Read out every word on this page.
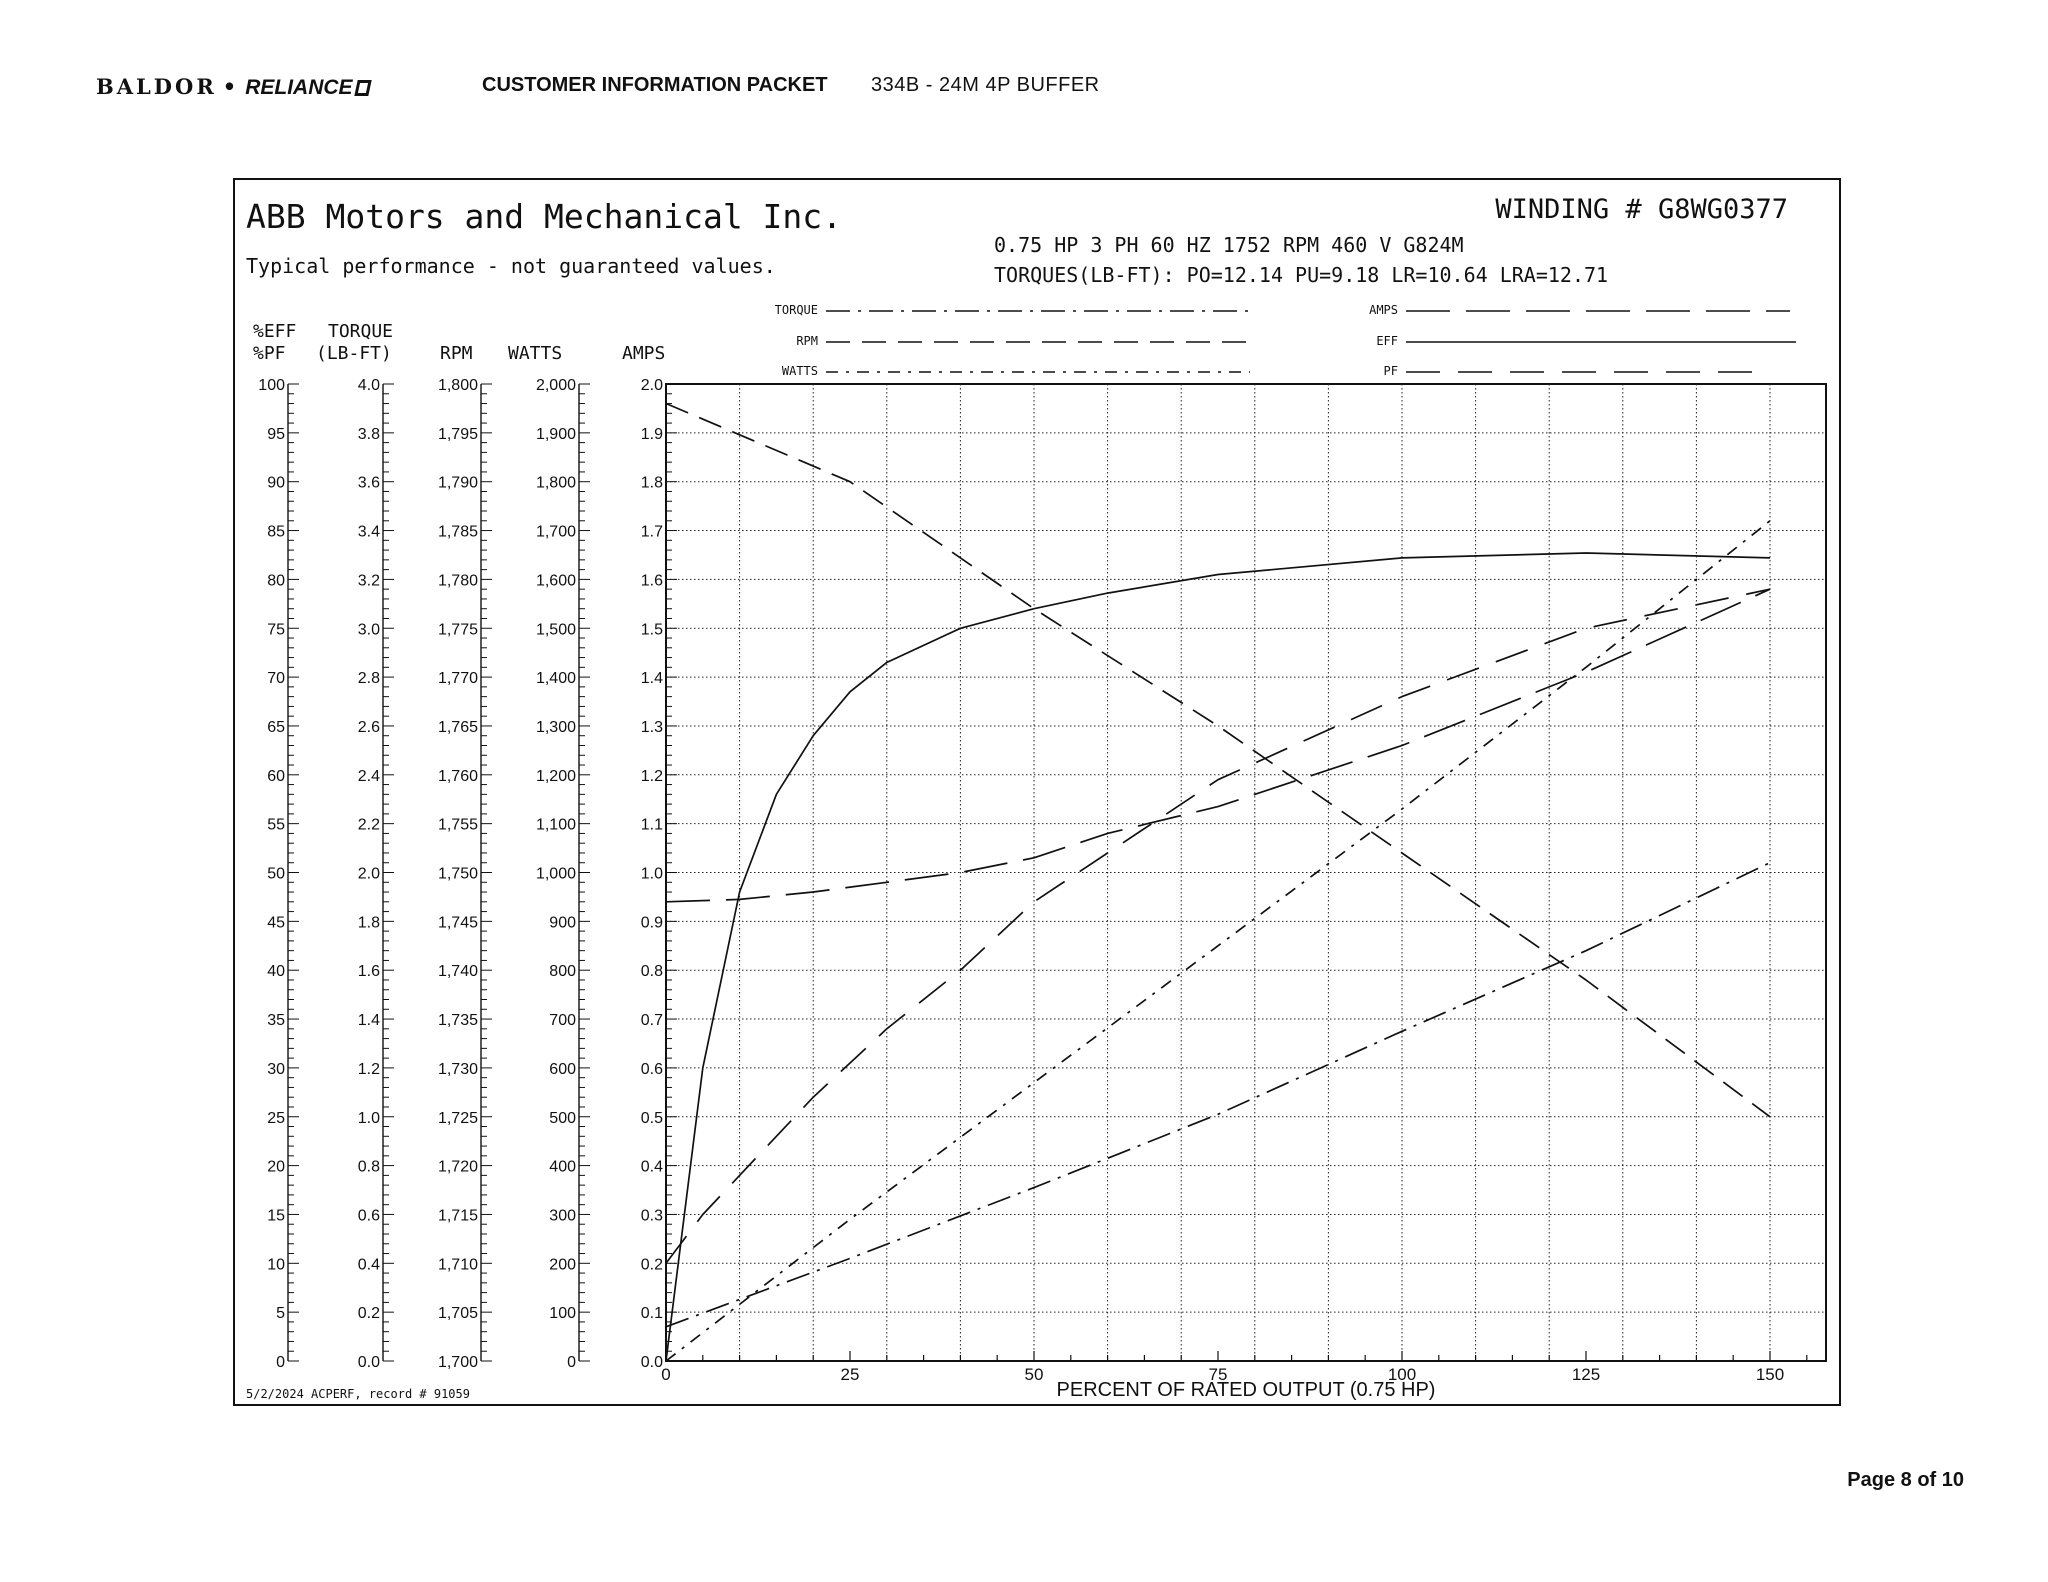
BALDOR • RELIANCE	CUSTOMER INFORMATION PACKET 334B - 24M 4P BUFFER
ABB Motors and Mechanical Inc.
Typical performance - not guaranteed values.
WINDING # G8WG0377
0.75 HP 3 PH 60 HZ 1752 RPM 460 V G824M
TORQUES(LB-FT): PO=12.14 PU=9.18 LR=10.64 LRA=12.71
5/2/2024 ACPERF, record # 91059
%EFF
%PF
TORQUE
(LB-FT)	RPM WATTS	AMPS
TORQUE
RPM
WATTS
AMPS
EFF
PF
0
5
10
15
20
25
30
35
40
45
50
55
60
65
70
75
80
85
90
95
100
0.0
0.2
0.4
0.6
0.8
1.0
1.2
1.4
1.6
1.8
2.0
2.2
2.4
2.6
2.8
3.0
3.2
3.4
3.6
3.8
4.0
1,700
1,705
1,710
1,715
1,720
1,725
1,730
1,735
1,740
1,745
1,750
1,755
1,760
1,765
1,770
1,775
1,780
1,785
1,790
1,795
1,800
0
100
200
300
400
500
600
700
800
900
1,000
1,100
1,200
1,300
1,400
1,500
1,600
1,700
1,800
1,900
2,000
0.0
0.1
0.2
0.3
0.4
0.5
0.6
0.7
0.8
0.9
1.0
1.1
1.2
1.3
1.4
1.5
1.6
1.7
1.8
1.9
2.0
0	25	50	75	100	125	150
PERCENT OF RATED OUTPUT (0.75 HP)
Page 8 of 10
